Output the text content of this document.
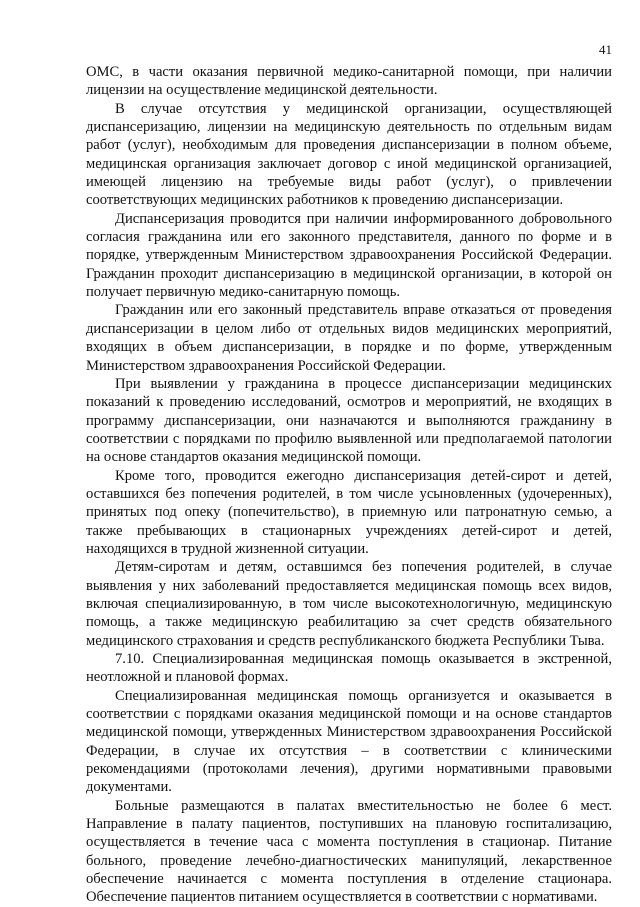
41

ОМС, в части оказания первичной медико-санитарной помощи, при наличии лицензии на осуществление медицинской деятельности.

В случае отсутствия у медицинской организации, осуществляющей диспансеризацию, лицензии на медицинскую деятельность по отдельным видам работ (услуг), необходимым для проведения диспансеризации в полном объеме, медицинская организация заключает договор с иной медицинской организацией, имеющей лицензию на требуемые виды работ (услуг), о привлечении соответствующих медицинских работников к проведению диспансеризации.

Диспансеризация проводится при наличии информированного добровольного согласия гражданина или его законного представителя, данного по форме и в порядке, утвержденным Министерством здравоохранения Российской Федерации. Гражданин проходит диспансеризацию в медицинской организации, в которой он получает первичную медико-санитарную помощь.

Гражданин или его законный представитель вправе отказаться от проведения диспансеризации в целом либо от отдельных видов медицинских мероприятий, входящих в объем диспансеризации, в порядке и по форме, утвержденным Министерством здравоохранения Российской Федерации.

При выявлении у гражданина в процессе диспансеризации медицинских показаний к проведению исследований, осмотров и мероприятий, не входящих в программу диспансеризации, они назначаются и выполняются гражданину в соответствии с порядками по профилю выявленной или предполагаемой патологии на основе стандартов оказания медицинской помощи.

Кроме того, проводится ежегодно диспансеризация детей-сирот и детей, оставшихся без попечения родителей, в том числе усыновленных (удочеренных), принятых под опеку (попечительство), в приемную или патронатную семью, а также пребывающих в стационарных учреждениях детей-сирот и детей, находящихся в трудной жизненной ситуации.

Детям-сиротам и детям, оставшимся без попечения родителей, в случае выявления у них заболеваний предоставляется медицинская помощь всех видов, включая специализированную, в том числе высокотехнологичную, медицинскую помощь, а также медицинскую реабилитацию за счет средств обязательного медицинского страхования и средств республиканского бюджета Республики Тыва.

7.10. Специализированная медицинская помощь оказывается в экстренной, неотложной и плановой формах.

Специализированная медицинская помощь организуется и оказывается в соответствии с порядками оказания медицинской помощи и на основе стандартов медицинской помощи, утвержденных Министерством здравоохранения Российской Федерации, в случае их отсутствия – в соответствии с клиническими рекомендациями (протоколами лечения), другими нормативными правовыми документами.

Больные размещаются в палатах вместительностью не более 6 мест. Направление в палату пациентов, поступивших на плановую госпитализацию, осуществляется в течение часа с момента поступления в стационар. Питание больного, проведение лечебно-диагностических манипуляций, лекарственное обеспечение начинается с момента поступления в отделение стационара. Обеспечение пациентов питанием осуществляется в соответствии с нормативами.
